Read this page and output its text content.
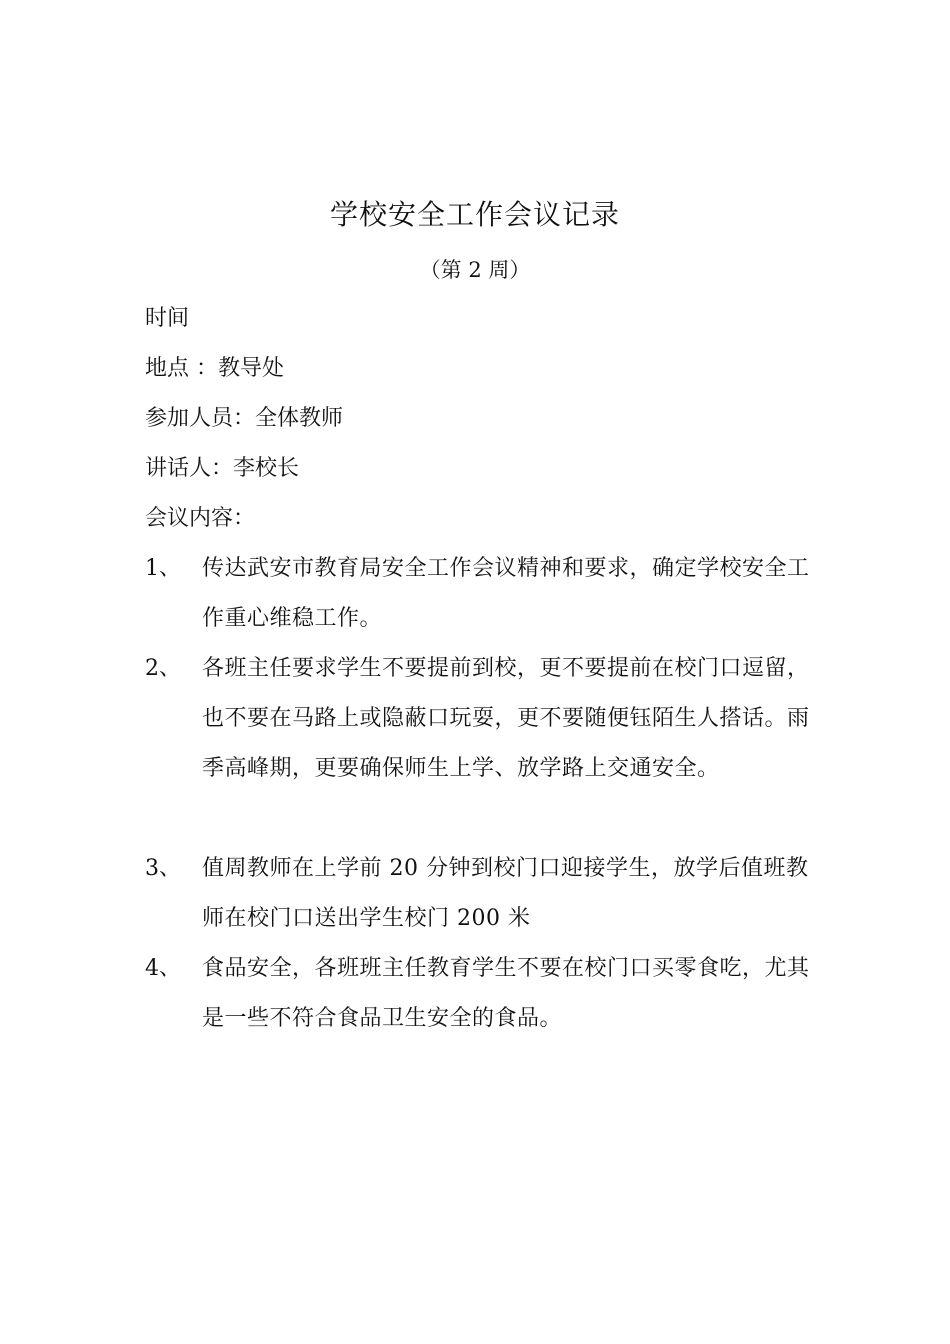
学校安全工作会议记录
（第 2 周）
时间
地点 ：教导处
参加人员：全体教师
讲话人：李校长
会议内容：
1、 传达武安市教育局安全工作会议精神和要求，确定学校安全工作重心维稳工作。
2、 各班主任要求学生不要提前到校，更不要提前在校门口逗留，也不要在马路上或隐蔽口玩耍，更不要随便钰陌生人搭话。雨季高峰期，更要确保师生上学、放学路上交通安全。
3、 值周教师在上学前 20 分钟到校门口迎接学生，放学后值班教师在校门口送出学生校门 200 米
4、 食品安全，各班班主任教育学生不要在校门口买零食吃，尤其是一些不符合食品卫生安全的食品。
